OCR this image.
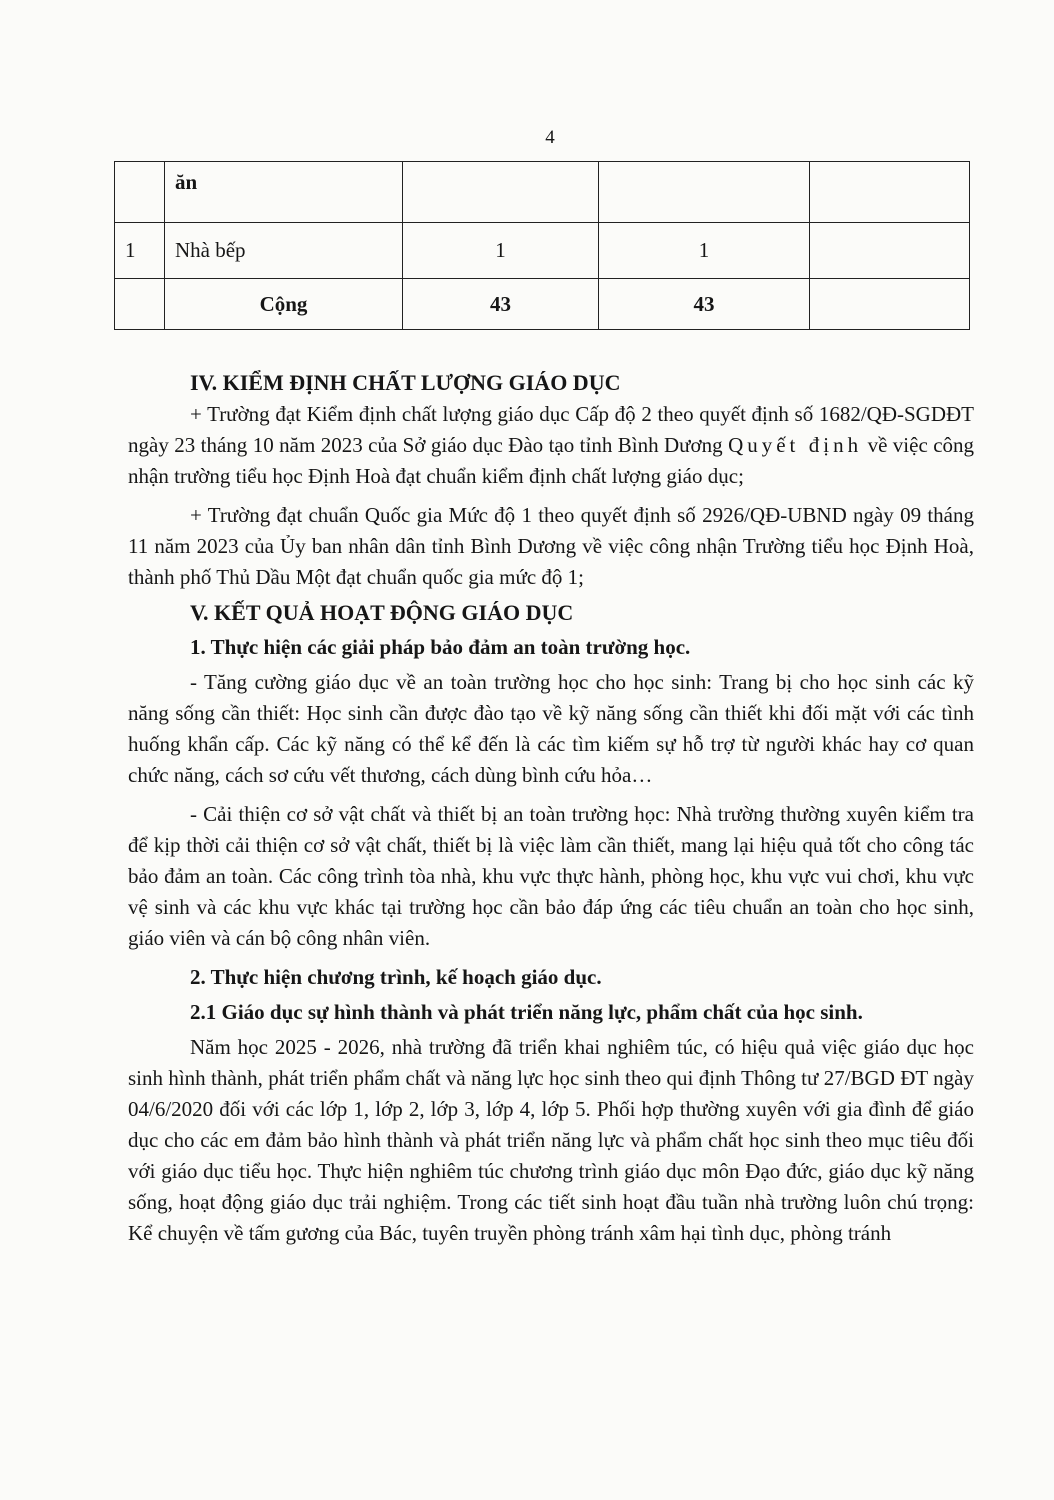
4
	ăn			
1	Nhà bếp	1	1	
	Cộng	43	43	

IV. KIỂM ĐỊNH CHẤT LƯỢNG GIÁO DỤC

+ Trường đạt Kiểm định chất lượng giáo dục Cấp độ 2 theo quyết định số 1682/QĐ-SGDĐT ngày 23 tháng 10 năm 2023 của Sở giáo dục Đào tạo tỉnh Bình Dương Quyết định về việc công nhận trường tiểu học Định Hoà đạt chuẩn kiểm định chất lượng giáo dục;

+ Trường đạt chuẩn Quốc gia Mức độ 1 theo quyết định số 2926/QĐ-UBND ngày 09 tháng 11 năm 2023 của Ủy ban nhân dân tỉnh Bình Dương về việc công nhận Trường tiểu học Định Hoà, thành phố Thủ Dầu Một đạt chuẩn quốc gia mức độ 1;

V. KẾT QUẢ HOẠT ĐỘNG GIÁO DỤC

1. Thực hiện các giải pháp bảo đảm an toàn trường học.

- Tăng cường giáo dục về an toàn trường học cho học sinh: Trang bị cho học sinh các kỹ năng sống cần thiết: Học sinh cần được đào tạo về kỹ năng sống cần thiết khi đối mặt với các tình huống khẩn cấp. Các kỹ năng có thể kể đến là các tìm kiếm sự hỗ trợ từ người khác hay cơ quan chức năng, cách sơ cứu vết thương, cách dùng bình cứu hỏa…

- Cải thiện cơ sở vật chất và thiết bị an toàn trường học: Nhà trường thường xuyên kiểm tra để kịp thời cải thiện cơ sở vật chất, thiết bị là việc làm cần thiết, mang lại hiệu quả tốt cho công tác bảo đảm an toàn. Các công trình tòa nhà, khu vực thực hành, phòng học, khu vực vui chơi, khu vực vệ sinh và các khu vực khác tại trường học cần bảo đáp ứng các tiêu chuẩn an toàn cho học sinh, giáo viên và cán bộ công nhân viên.

2. Thực hiện chương trình, kế hoạch giáo dục.

2.1 Giáo dục sự hình thành và phát triển năng lực, phẩm chất của học sinh.

Năm học 2025 - 2026, nhà trường đã triển khai nghiêm túc, có hiệu quả việc giáo dục học sinh hình thành, phát triển phẩm chất và năng lực học sinh theo qui định Thông tư 27/BGD ĐT ngày 04/6/2020 đối với các lớp 1, lớp 2, lớp 3, lớp 4, lớp 5. Phối hợp thường xuyên với gia đình để giáo dục cho các em đảm bảo hình thành và phát triển năng lực và phẩm chất học sinh theo mục tiêu đối với giáo dục tiểu học. Thực hiện nghiêm túc chương trình giáo dục môn Đạo đức, giáo dục kỹ năng sống, hoạt động giáo dục trải nghiệm. Trong các tiết sinh hoạt đầu tuần nhà trường luôn chú trọng: Kể chuyện về tấm gương của Bác, tuyên truyền phòng tránh xâm hại tình dục, phòng tránh
